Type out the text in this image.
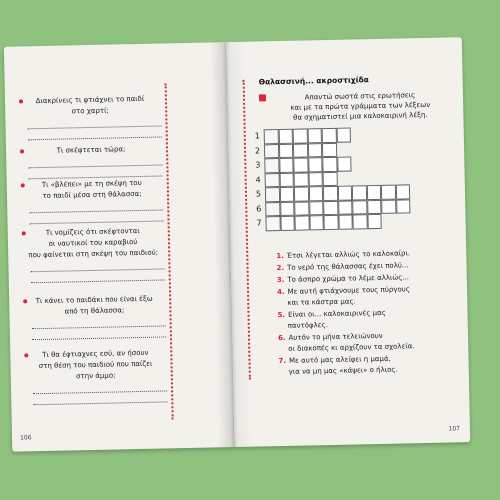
Διακρίνεις τι φτιάχνει το παιδί
στο χαρτί;
Τι σκέφτεται τώρα;
Τι «βλέπει» με τη σκέψη του
το παιδί μέσα στη θάλασσα;
Τι νομίζεις ότι σκέφτονται
οι ναυτικοί του καραβιού
που φαίνεται στη σκέψη του παιδιού;
Τι κάνει το παιδάκι που είναι έξω
από τη θάλασσα;
Τι θα έφτιαχνες εσύ, αν ήσουν
στη θέση του παιδιού που παίζει
στην άμμο;
106
Θαλασσινή... ακροστιχίδα
Απαντώ σωστά στις ερωτήσεις
και με τα πρώτα γράμματα των λέξεων
θα σχηματιστεί μια καλοκαιρινή λέξη.
1
2
3
4
5
6
7
1. Έτσι λέγεται αλλιώς το καλοκαίρι.
2. Το νερό της θάλασσας έχει πολύ...
3. Το άσπρο χρώμα το λέμε αλλιώς...
4. Με αυτή φτιάχνουμε τους πύργους
και τα κάστρα μας.
5. Είναι οι... καλοκαιρινές μας
παντόφλες.
6. Αυτόν το μήνα τελειώνουν
οι διακοπές κι αρχίζουν τα σχολεία.
7. Με αυτό μας αλείφει η μαμά,
για να μη μας «κάψει» ο ήλιος.
107
